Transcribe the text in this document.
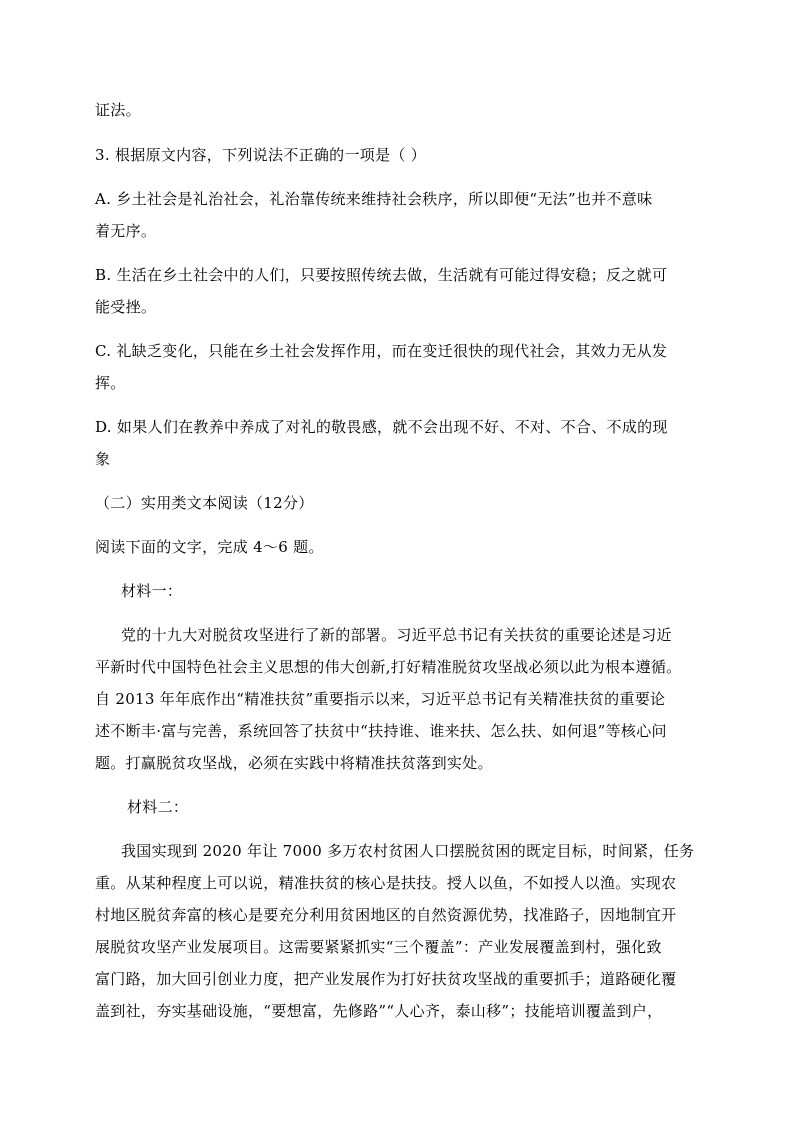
证法。
3. 根据原文内容，下列说法不正确的一项是（ ）
A. 乡土社会是礼治社会，礼治靠传统来维持社会秩序，所以即便“无法”也并不意味
着无序。
B. 生活在乡土社会中的人们，只要按照传统去做，生活就有可能过得安稳；反之就可
能受挫。
C. 礼缺乏变化，只能在乡土社会发挥作用，而在变迁很快的现代社会，其效力无从发
挥。
D. 如果人们在教养中养成了对礼的敬畏感，就不会出现不好、不对、不合、不成的现
象
（二）实用类文本阅读（12分）
阅读下面的文字，完成 4～6 题。
材料一：
党的十九大对脱贫攻坚进行了新的部署。习近平总书记有关扶贫的重要论述是习近
平新时代中国特色社会主义思想的伟大创新,打好精准脱贫攻坚战必须以此为根本遵循。
自 2013 年年底作出“精准扶贫”重要指示以来，习近平总书记有关精准扶贫的重要论
述不断丰·富与完善，系统回答了扶贫中“扶持谁、谁来扶、怎么扶、如何退”等核心问
题。打赢脱贫攻坚战，必须在实践中将精准扶贫落到实处。
材料二：
我国实现到 2020 年让 7000 多万农村贫困人口摆脱贫困的既定目标，时间紧，任务
重。从某种程度上可以说，精准扶贫的核心是扶技。授人以鱼，不如授人以渔。实现农
村地区脱贫奔富的核心是要充分利用贫困地区的自然资源优势，找准路子，因地制宜开
展脱贫攻坚产业发展项目。这需要紧紧抓实“三个覆盖”：产业发展覆盖到村，强化致
富门路，加大回引创业力度，把产业发展作为打好扶贫攻坚战的重要抓手；道路硬化覆
盖到社，夯实基础设施，“要想富，先修路”“人心齐，泰山移”；技能培训覆盖到户，
